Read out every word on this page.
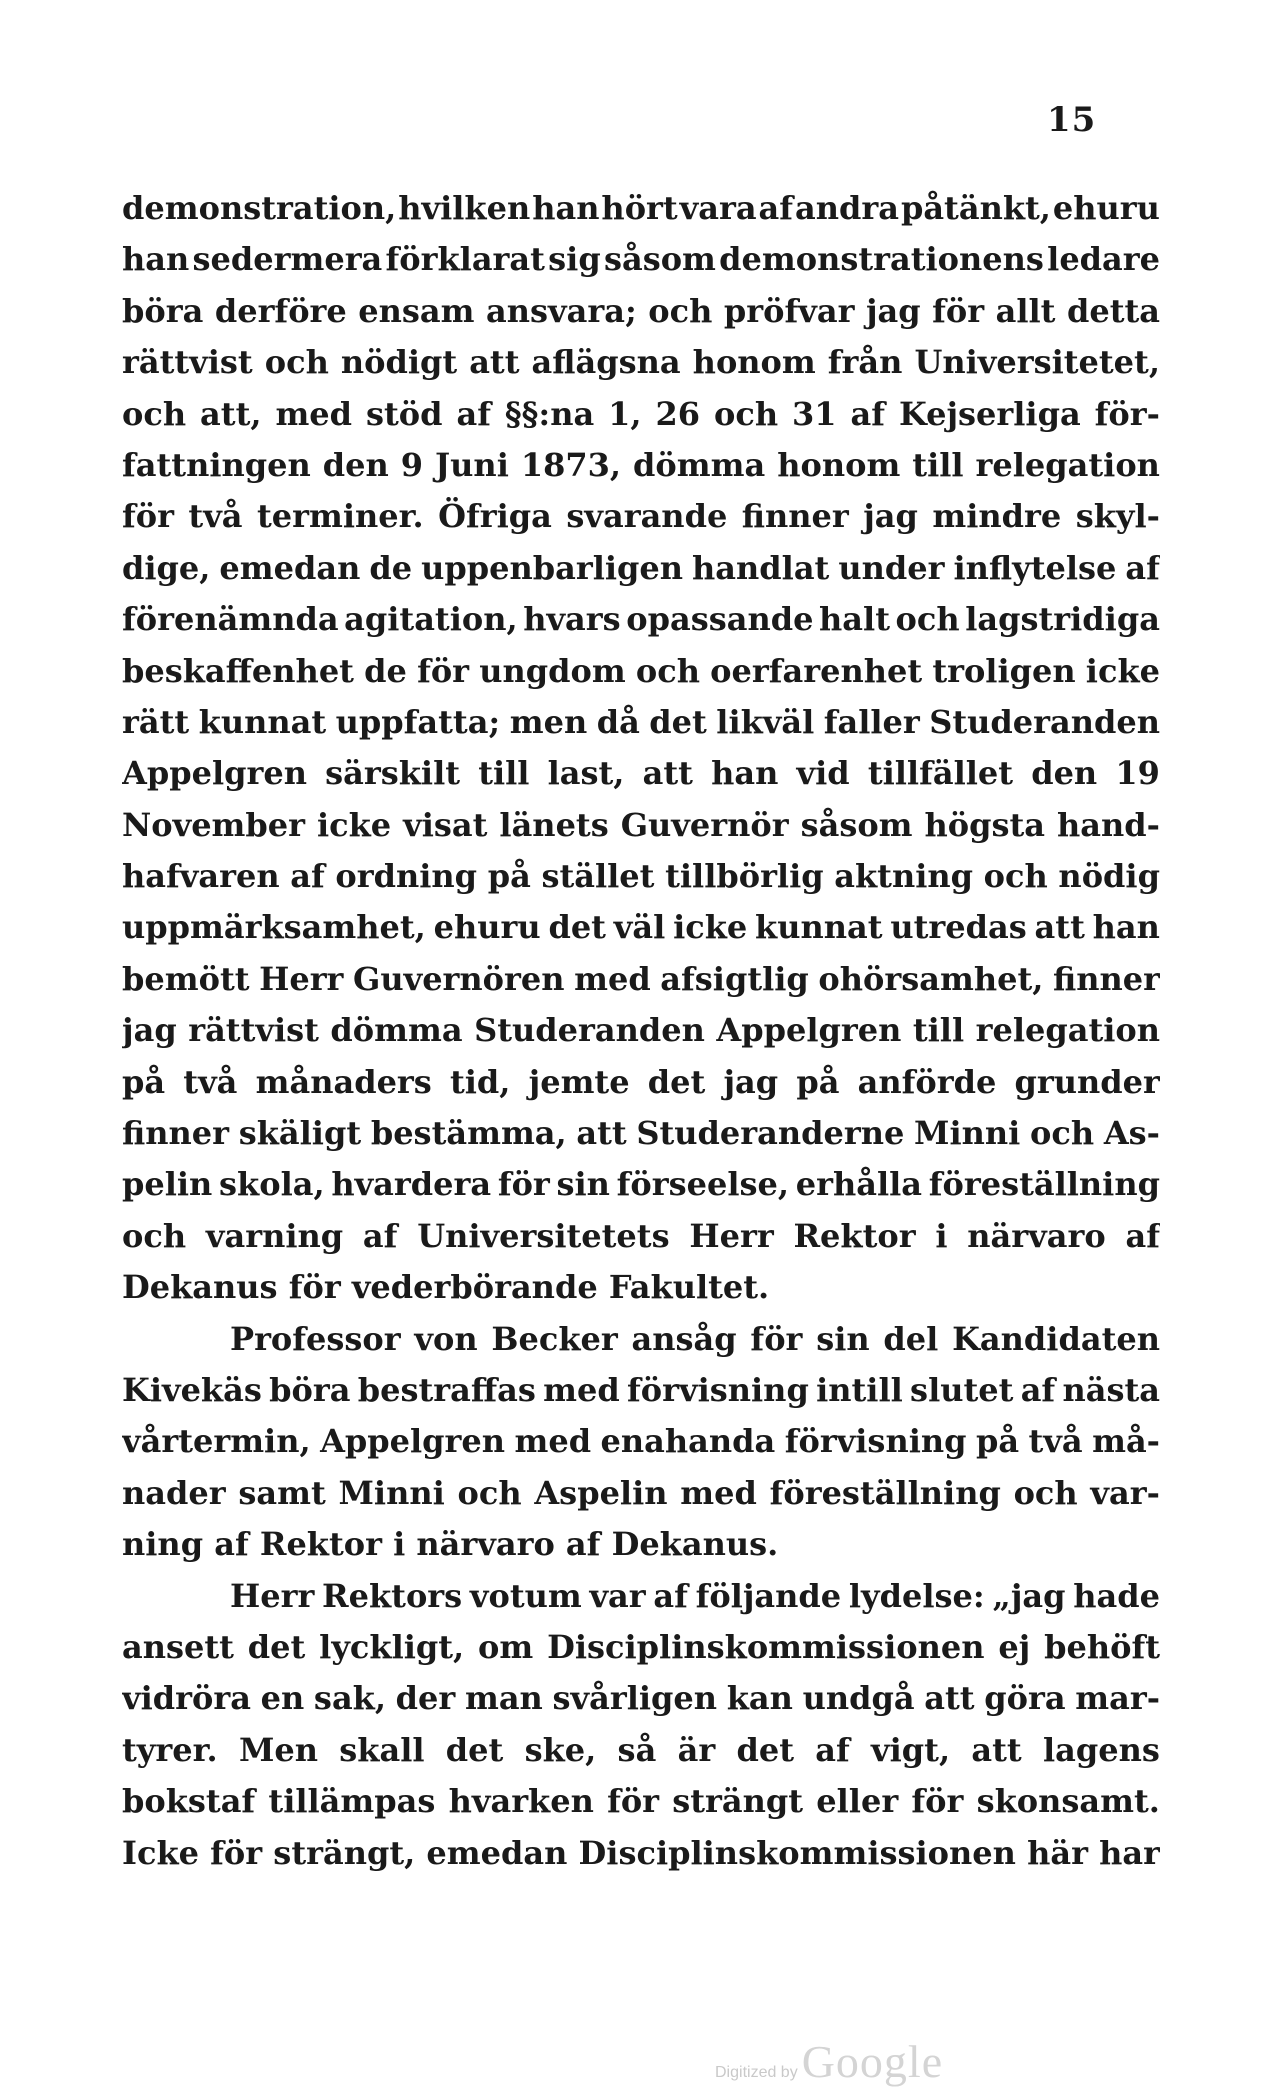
15
demonstration, hvilken han hört vara af andra påtänkt, ehuru
han sedermera förklarat sig såsom demonstrationens ledare
böra derföre ensam ansvara; och pröfvar jag för allt detta
rättvist och nödigt att aflägsna honom från Universitetet,
och att, med stöd af §§:na 1, 26 och 31 af Kejserliga för-
fattningen den 9 Juni 1873, dömma honom till relegation
för två terminer. Öfriga svarande finner jag mindre skyl-
dige, emedan de uppenbarligen handlat under inflytelse af
förenämnda agitation, hvars opassande halt och lagstridiga
beskaffenhet de för ungdom och oerfarenhet troligen icke
rätt kunnat uppfatta; men då det likväl faller Studeranden
Appelgren särskilt till last, att han vid tillfället den 19
November icke visat länets Guvernör såsom högsta hand-
hafvaren af ordning på stället tillbörlig aktning och nödig
uppmärksamhet, ehuru det väl icke kunnat utredas att han
bemött Herr Guvernören med afsigtlig ohörsamhet, finner
jag rättvist dömma Studeranden Appelgren till relegation
på två månaders tid, jemte det jag på anförde grunder
finner skäligt bestämma, att Studeranderne Minni och As-
pelin skola, hvardera för sin förseelse, erhålla föreställning
och varning af Universitetets Herr Rektor i närvaro af
Dekanus för vederbörande Fakultet.
Professor von Becker ansåg för sin del Kandidaten
Kivekäs böra bestraffas med förvisning intill slutet af nästa
vårtermin, Appelgren med enahanda förvisning på två må-
nader samt Minni och Aspelin med föreställning och var-
ning af Rektor i närvaro af Dekanus.
Herr Rektors votum var af följande lydelse: „jag hade
ansett det lyckligt, om Disciplinskommissionen ej behöft
vidröra en sak, der man svårligen kan undgå att göra mar-
tyrer. Men skall det ske, så är det af vigt, att lagens
bokstaf tillämpas hvarken för strängt eller för skonsamt.
Icke för strängt, emedan Disciplinskommissionen här har
Digitized by Google
